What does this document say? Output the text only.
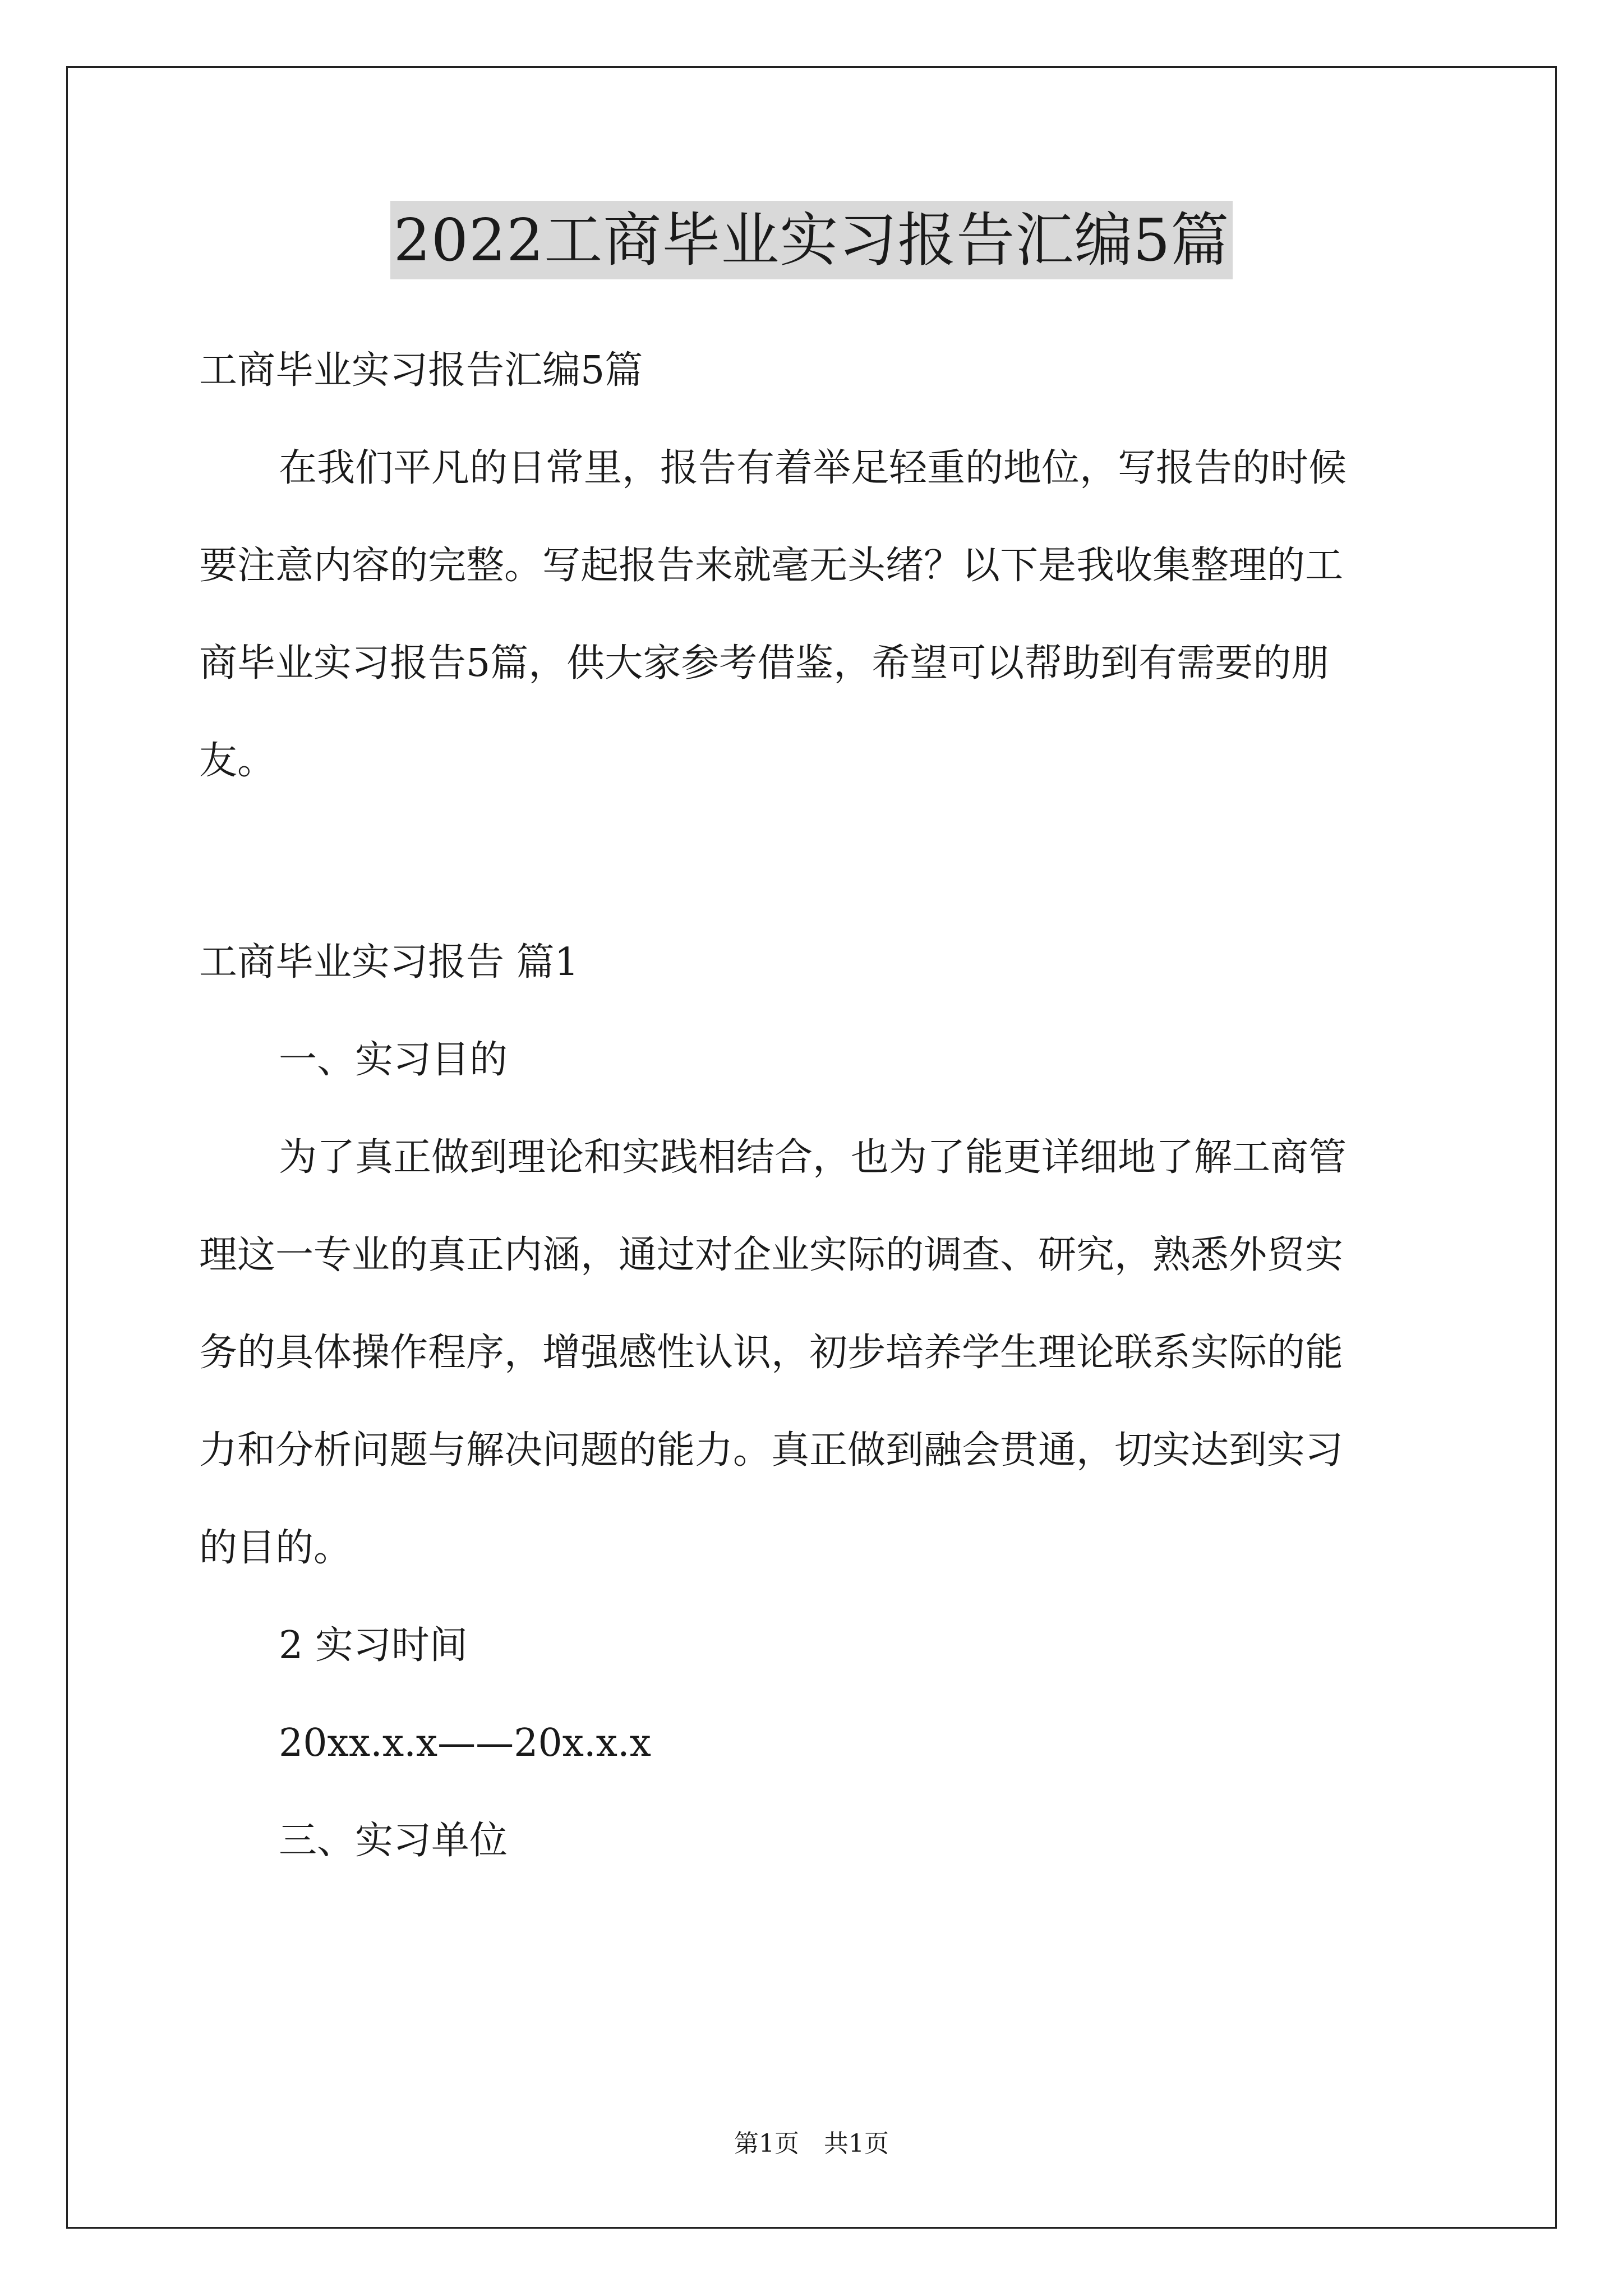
2022工商毕业实习报告汇编5篇
工商毕业实习报告汇编5篇

在我们平凡的日常里，报告有着举足轻重的地位，写报告的时候

要注意内容的完整。写起报告来就毫无头绪？以下是我收集整理的工

商毕业实习报告5篇，供大家参考借鉴，希望可以帮助到有需要的朋

友。

工商毕业实习报告 篇1
一、实习目的

为了真正做到理论和实践相结合，也为了能更详细地了解工商管

理这一专业的真正内涵，通过对企业实际的调查、研究，熟悉外贸实

务的具体操作程序，增强感性认识，初步培养学生理论联系实际的能

力和分析问题与解决问题的能力。真正做到融会贯通，切实达到实习

的目的。

2 实习时间
20xx.x.x——20x.x.x
三、实习单位
第1页　共1页
